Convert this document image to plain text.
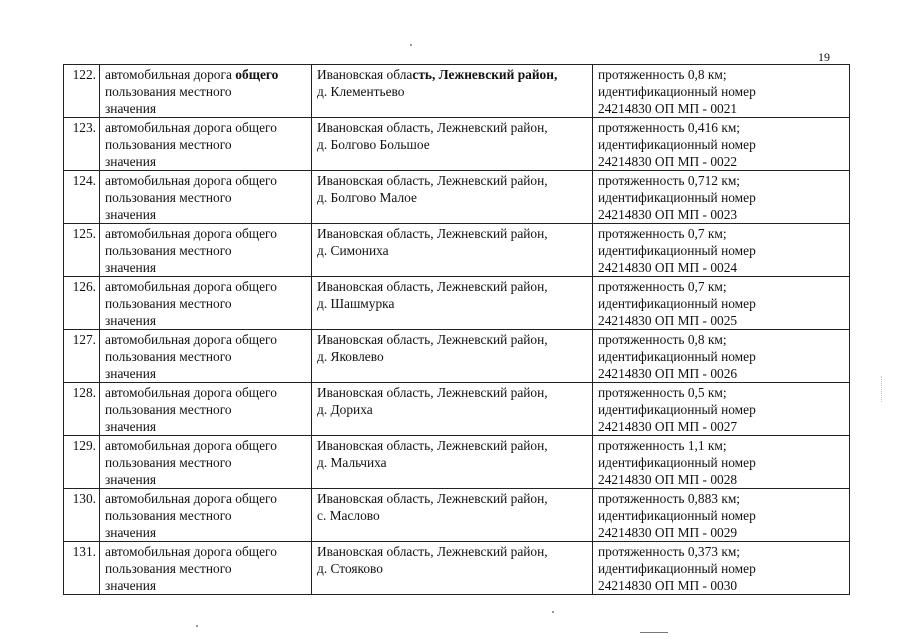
19
122.	автомобильная дорога общего
пользования местного
значения	Ивановская область, Лежневский район,
д. Клементьево	протяженность 0,8 км;
идентификационный номер
24214830 ОП МП - 0021

123.	автомобильная дорога общего
пользования местного
значения	Ивановская область, Лежневский район,
д. Болгово Большое	протяженность 0,416 км;
идентификационный номер
24214830 ОП МП - 0022

124.	автомобильная дорога общего
пользования местного
значения	Ивановская область, Лежневский район,
д. Болгово Малое	протяженность 0,712 км;
идентификационный номер
24214830 ОП МП - 0023

125.	автомобильная дорога общего
пользования местного
значения	Ивановская область, Лежневский район,
д. Симониха	протяженность 0,7 км;
идентификационный номер
24214830 ОП МП - 0024

126.	автомобильная дорога общего
пользования местного
значения	Ивановская область, Лежневский район,
д. Шашмурка	протяженность 0,7 км;
идентификационный номер
24214830 ОП МП - 0025

127.	автомобильная дорога общего
пользования местного
значения	Ивановская область, Лежневский район,
д. Яковлево	протяженность 0,8 км;
идентификационный номер
24214830 ОП МП - 0026

128.	автомобильная дорога общего
пользования местного
значения	Ивановская область, Лежневский район,
д. Дориха	протяженность 0,5 км;
идентификационный номер
24214830 ОП МП - 0027

129.	автомобильная дорога общего
пользования местного
значения	Ивановская область, Лежневский район,
д. Мальчиха	протяженность 1,1 км;
идентификационный номер
24214830 ОП МП - 0028

130.	автомобильная дорога общего
пользования местного
значения	Ивановская область, Лежневский район,
с. Маслово	протяженность 0,883 км;
идентификационный номер
24214830 ОП МП - 0029

131.	автомобильная дорога общего
пользования местного
значения	Ивановская область, Лежневский район,
д. Стояково	протяженность 0,373 км;
идентификационный номер
24214830 ОП МП - 0030
